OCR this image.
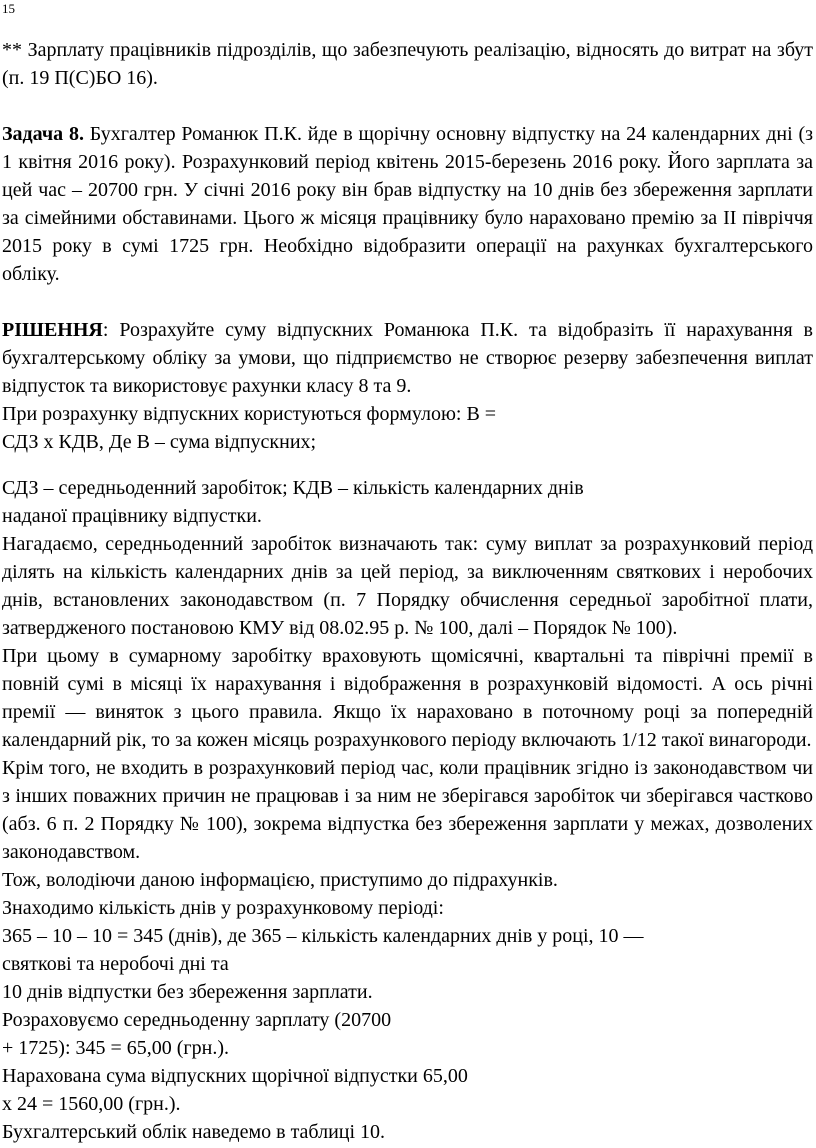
15

** Зарплату працівників підрозділів, що забезпечують реалізацію, відносять до витрат на збут (п. 19 П(С)БО 16).

Задача 8. Бухгалтер Романюк П.К. йде в щорічну основну відпустку на 24 календарних дні (з 1 квітня 2016 року). Розрахунковий період квітень 2015-березень 2016 року. Його зарплата за цей час – 20700 грн. У січні 2016 року він брав відпустку на 10 днів без збереження зарплати за сімейними обставинами. Цього ж місяця працівнику було нараховано премію за ІІ півріччя 2015 року в сумі 1725 грн. Необхідно відобразити операції на рахунках бухгалтерського обліку.

РІШЕННЯ: Розрахуйте суму відпускних Романюка П.К. та відобразіть її нарахування в бухгалтерському обліку за умови, що підприємство не створює резерву забезпечення виплат відпусток та використовує рахунки класу 8 та 9.

При розрахунку відпускних користуються формулою: В =

СДЗ х КДВ, Де В – сума відпускних;

СДЗ – середньоденний заробіток; КДВ – кількість календарних днів

наданої працівнику відпустки.

Нагадаємо, середньоденний заробіток визначають так: суму виплат за розрахунковий період ділять на кількість календарних днів за цей період, за виключенням святкових і неробочих днів, встановлених законодавством (п. 7 Порядку обчислення середньої заробітної плати, затвердженого постановою КМУ від 08.02.95 р. № 100, далі – Порядок № 100).

При цьому в сумарному заробітку враховують щомісячні, квартальні та піврічні премії в повній сумі в місяці їх нарахування і відображення в розрахунковій відомості. А ось річні премії — виняток з цього правила. Якщо їх нараховано в поточному році за попередній календарний рік, то за кожен місяць розрахункового періоду включають 1/12 такої винагороди.

Крім того, не входить в розрахунковий період час, коли працівник згідно із законодавством чи з інших поважних причин не працював і за ним не зберігався заробіток чи зберігався частково (абз. 6 п. 2 Порядку № 100), зокрема відпустка без збереження зарплати у межах, дозволених законодавством.

Тож, володіючи даною інформацією, приступимо до підрахунків.

Знаходимо кількість днів у розрахунковому періоді:

365 – 10 – 10 = 345 (днів), де 365 – кількість календарних днів у році, 10 —

святкові та неробочі дні та

10 днів відпустки без збереження зарплати.

Розраховуємо середньоденну зарплату (20700

+ 1725): 345 = 65,00 (грн.).

Нарахована сума відпускних щорічної відпустки 65,00

х 24 = 1560,00 (грн.).

Бухгалтерський облік наведемо в таблиці 10.
